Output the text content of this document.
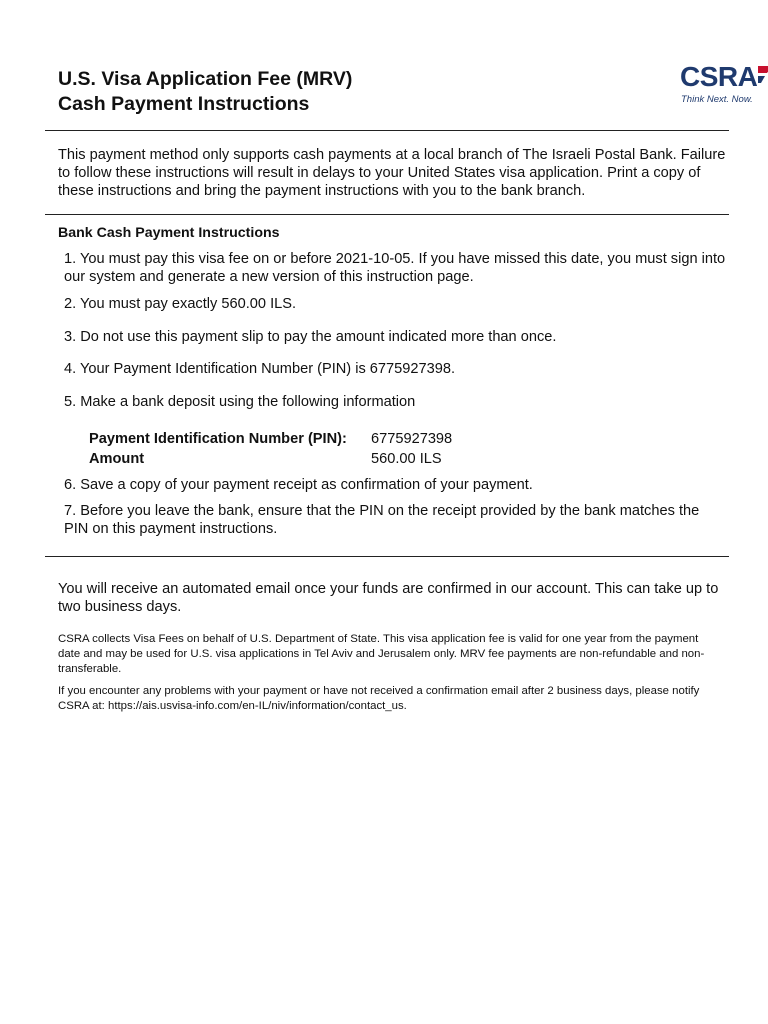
U.S. Visa Application Fee (MRV)
Cash Payment Instructions
CSRA
Think Next. Now.
This payment method only supports cash payments at a local branch of The Israeli Postal Bank. Failure to follow these instructions will result in delays to your United States visa application. Print a copy of these instructions and bring the payment instructions with you to the bank branch.
Bank Cash Payment Instructions
1. You must pay this visa fee on or before 2021-10-05. If you have missed this date, you must sign into our system and generate a new version of this instruction page.
2. You must pay exactly 560.00 ILS.
3. Do not use this payment slip to pay the amount indicated more than once.
4. Your Payment Identification Number (PIN) is 6775927398.
5. Make a bank deposit using the following information
Payment Identification Number (PIN): 6775927398
Amount	560.00 ILS
6. Save a copy of your payment receipt as confirmation of your payment.
7. Before you leave the bank, ensure that the PIN on the receipt provided by the bank matches the PIN on this payment instructions.
You will receive an automated email once your funds are confirmed in our account. This can take up to two business days.
CSRA collects Visa Fees on behalf of U.S. Department of State. This visa application fee is valid for one year from the payment date and may be used for U.S. visa applications in Tel Aviv and Jerusalem only. MRV fee payments are non-refundable and non-transferable.
If you encounter any problems with your payment or have not received a confirmation email after 2 business days, please notify CSRA at: https://ais.usvisa-info.com/en-IL/niv/information/contact_us.
